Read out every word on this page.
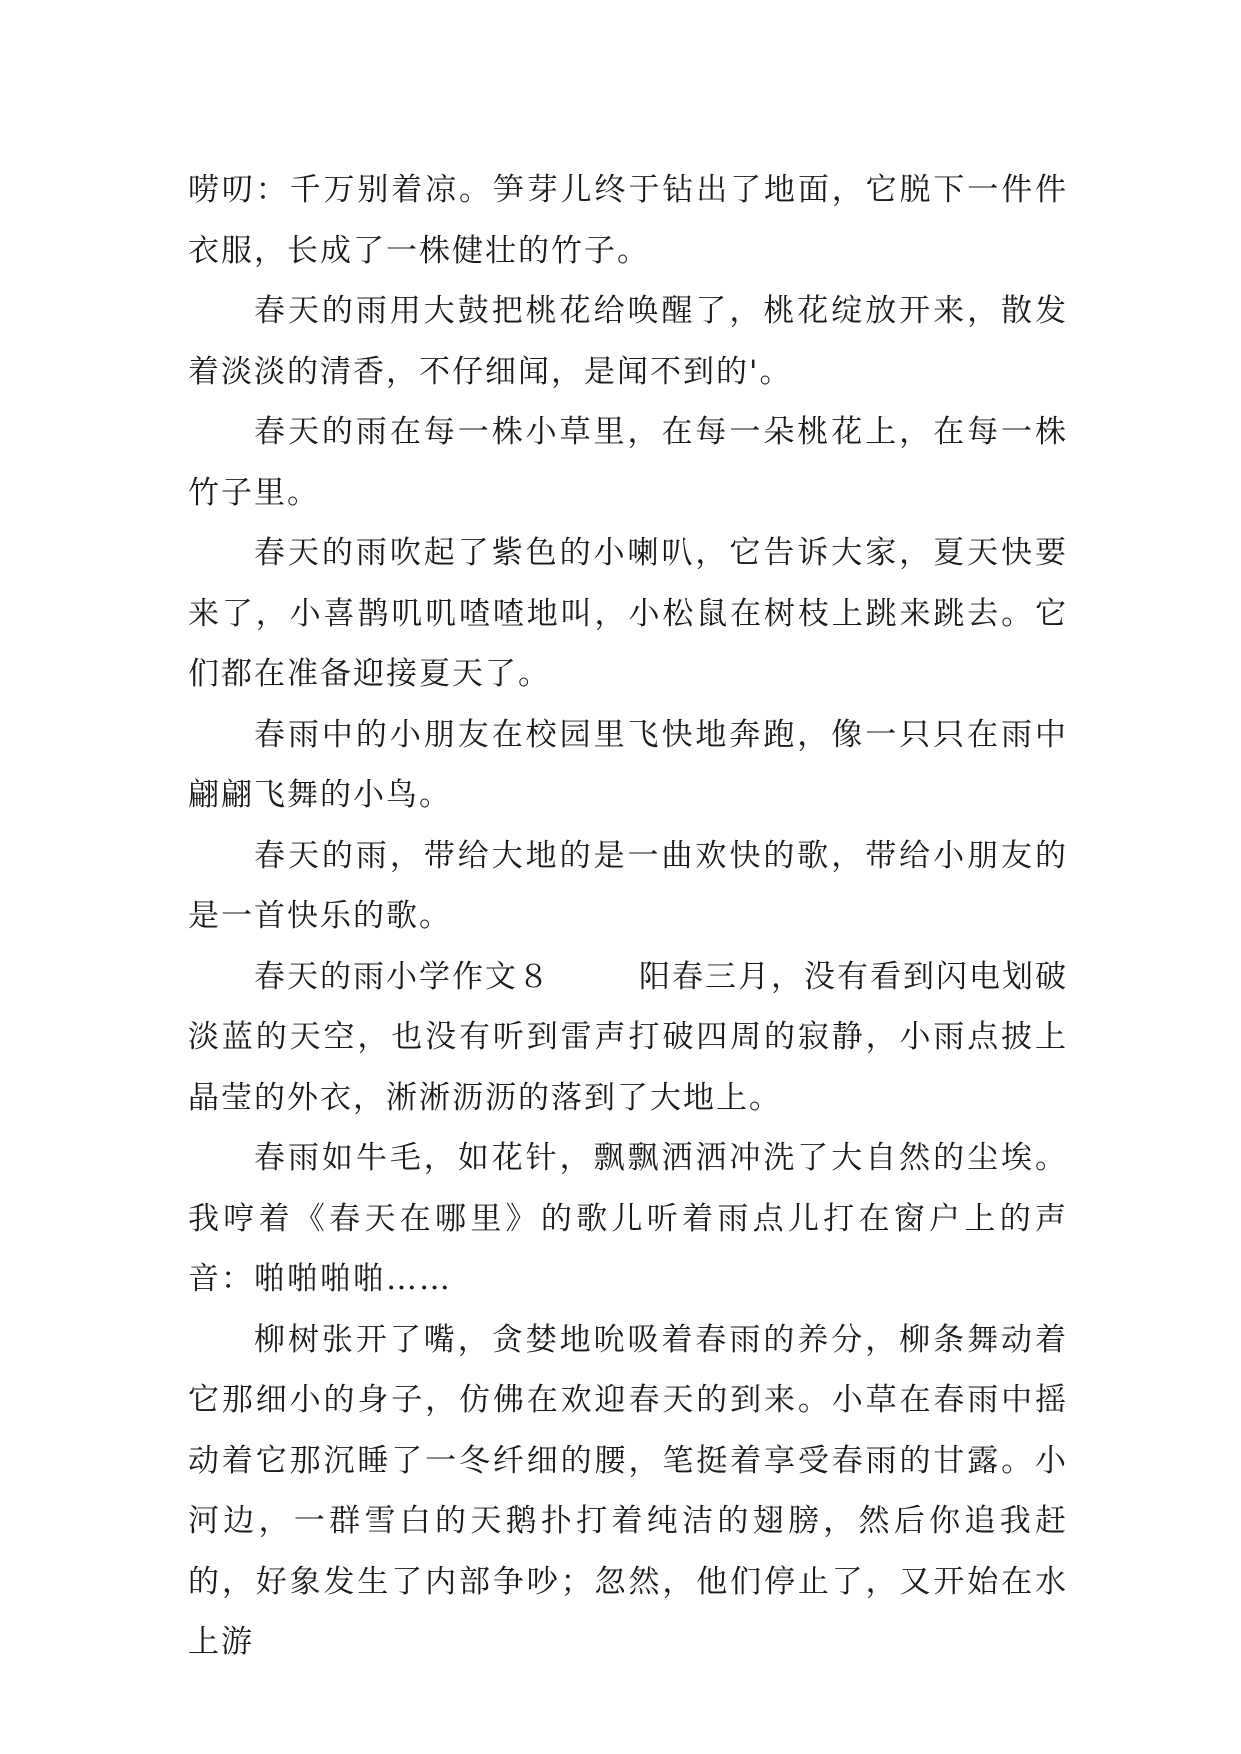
唠叨：千万别着凉。笋芽儿终于钻出了地面，它脱下一件件衣服，长成了一株健壮的竹子。

春天的雨用大鼓把桃花给唤醒了，桃花绽放开来，散发着淡淡的清香，不仔细闻，是闻不到的'。

春天的雨在每一株小草里，在每一朵桃花上，在每一株竹子里。

春天的雨吹起了紫色的小喇叭，它告诉大家，夏天快要来了，小喜鹊叽叽喳喳地叫，小松鼠在树枝上跳来跳去。它们都在准备迎接夏天了。

春雨中的小朋友在校园里飞快地奔跑，像一只只在雨中翩翩飞舞的小鸟。

春天的雨，带给大地的是一曲欢快的歌，带给小朋友的是一首快乐的歌。

春天的雨小学作文８	阳春三月，没有看到闪电划破淡蓝的天空，也没有听到雷声打破四周的寂静，小雨点披上晶莹的外衣，淅淅沥沥的落到了大地上。

春雨如牛毛，如花针，飘飘洒洒冲洗了大自然的尘埃。我哼着《春天在哪里》的歌儿听着雨点儿打在窗户上的声音：啪啪啪啪……

柳树张开了嘴，贪婪地吮吸着春雨的养分，柳条舞动着它那细小的身子，仿佛在欢迎春天的到来。小草在春雨中摇动着它那沉睡了一冬纤细的腰，笔挺着享受春雨的甘露。小河边，一群雪白的天鹅扑打着纯洁的翅膀，然后你追我赶的，好象发生了内部争吵；忽然，他们停止了，又开始在水上游
